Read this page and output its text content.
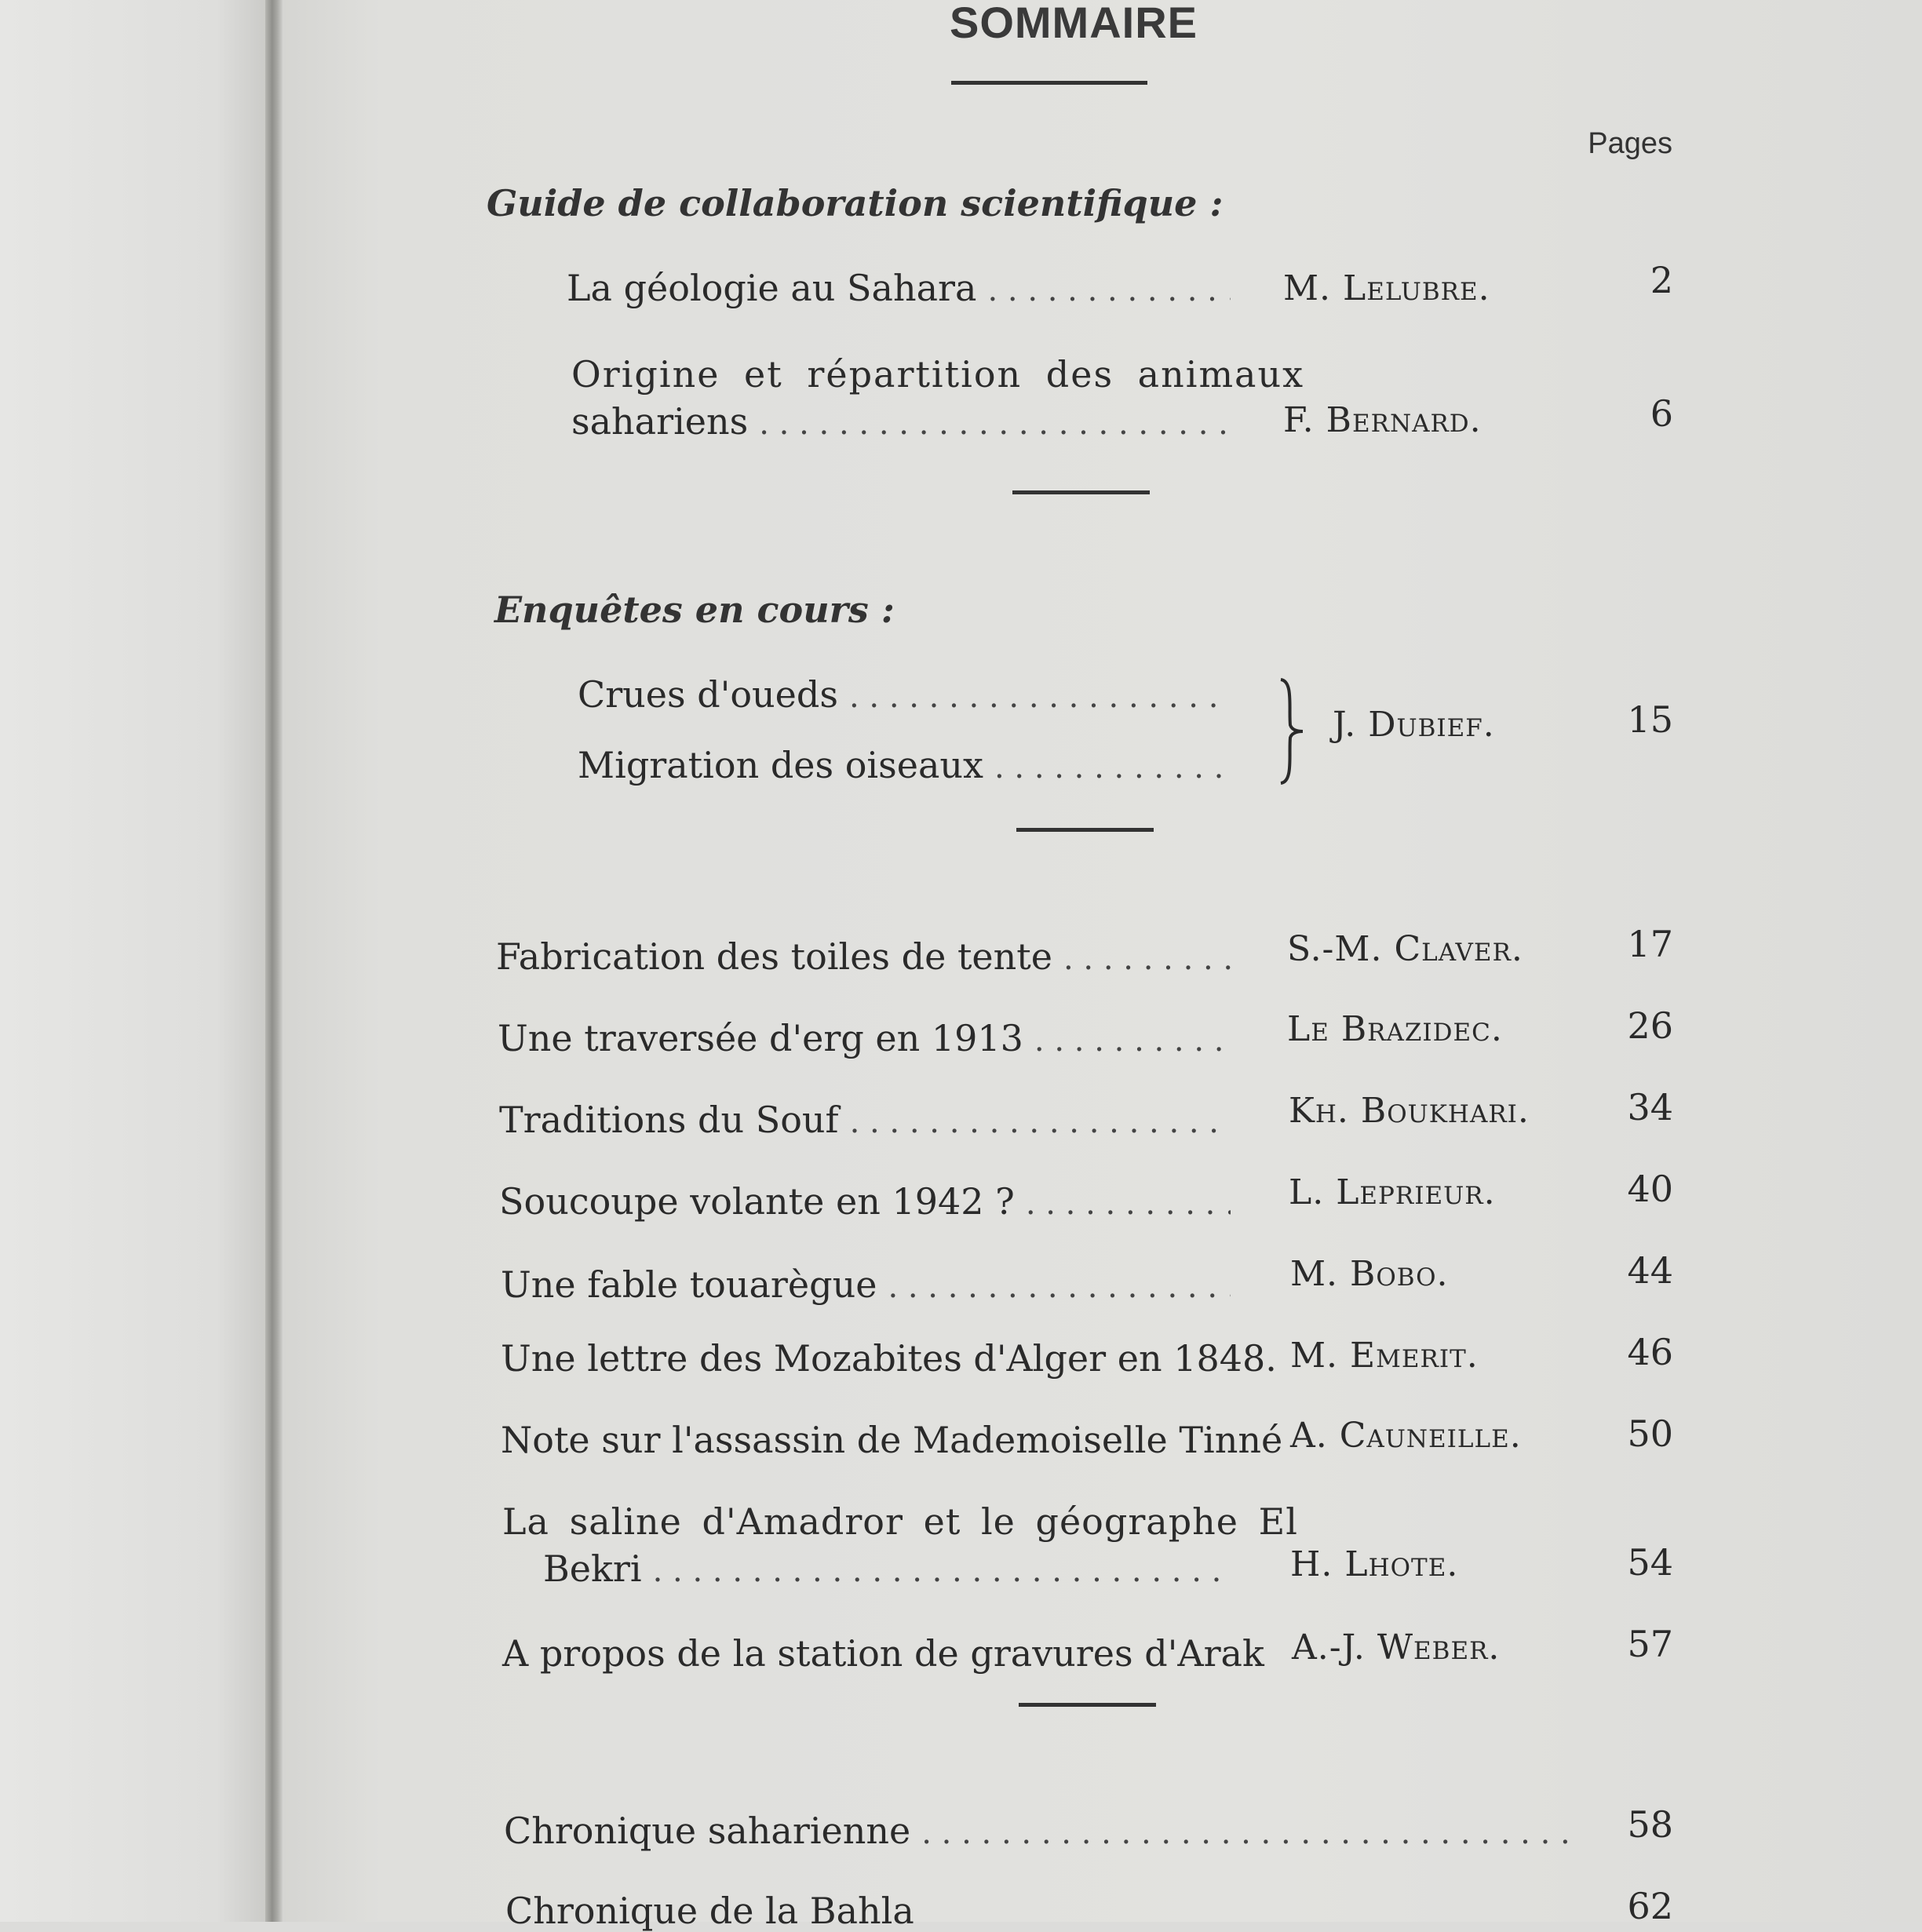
SOMMAIRE
Pages
Guide de collaboration scientifique :
La géologie au Sahara . . .	M. Lelubre.	2
Origine et répartition des animaux
sahariens . . .	F. Bernard.	6
Enquêtes en cours :
Crues d'oueds
. . .
Migration des oiseaux
. . .
J. Dubief.	15
Fabrication des toiles de tente . . .	S.-M. Claver.	17
Une traversée d'erg en 1913 . . .	Le Brazidec.	26
Traditions du Souf . . .	Kh. Boukhari.	34
Soucoupe volante en 1942 ? . . .	L. Leprieur.	40
Une fable touarègue . . .	M. Bobo.	44
Une lettre des Mozabites d'Alger en 1848. M. Emerit.	46
Note sur l'assassin de Mademoiselle Tinné A. Cauneille.	50
La saline d'Amadror et le géographe El
Bekri . . .	H. Lhote.	54
A propos de la station de gravures d'Arak A.-J. Weber.	57
Chronique saharienne . . .	58
Chronique de la Bahla	62
